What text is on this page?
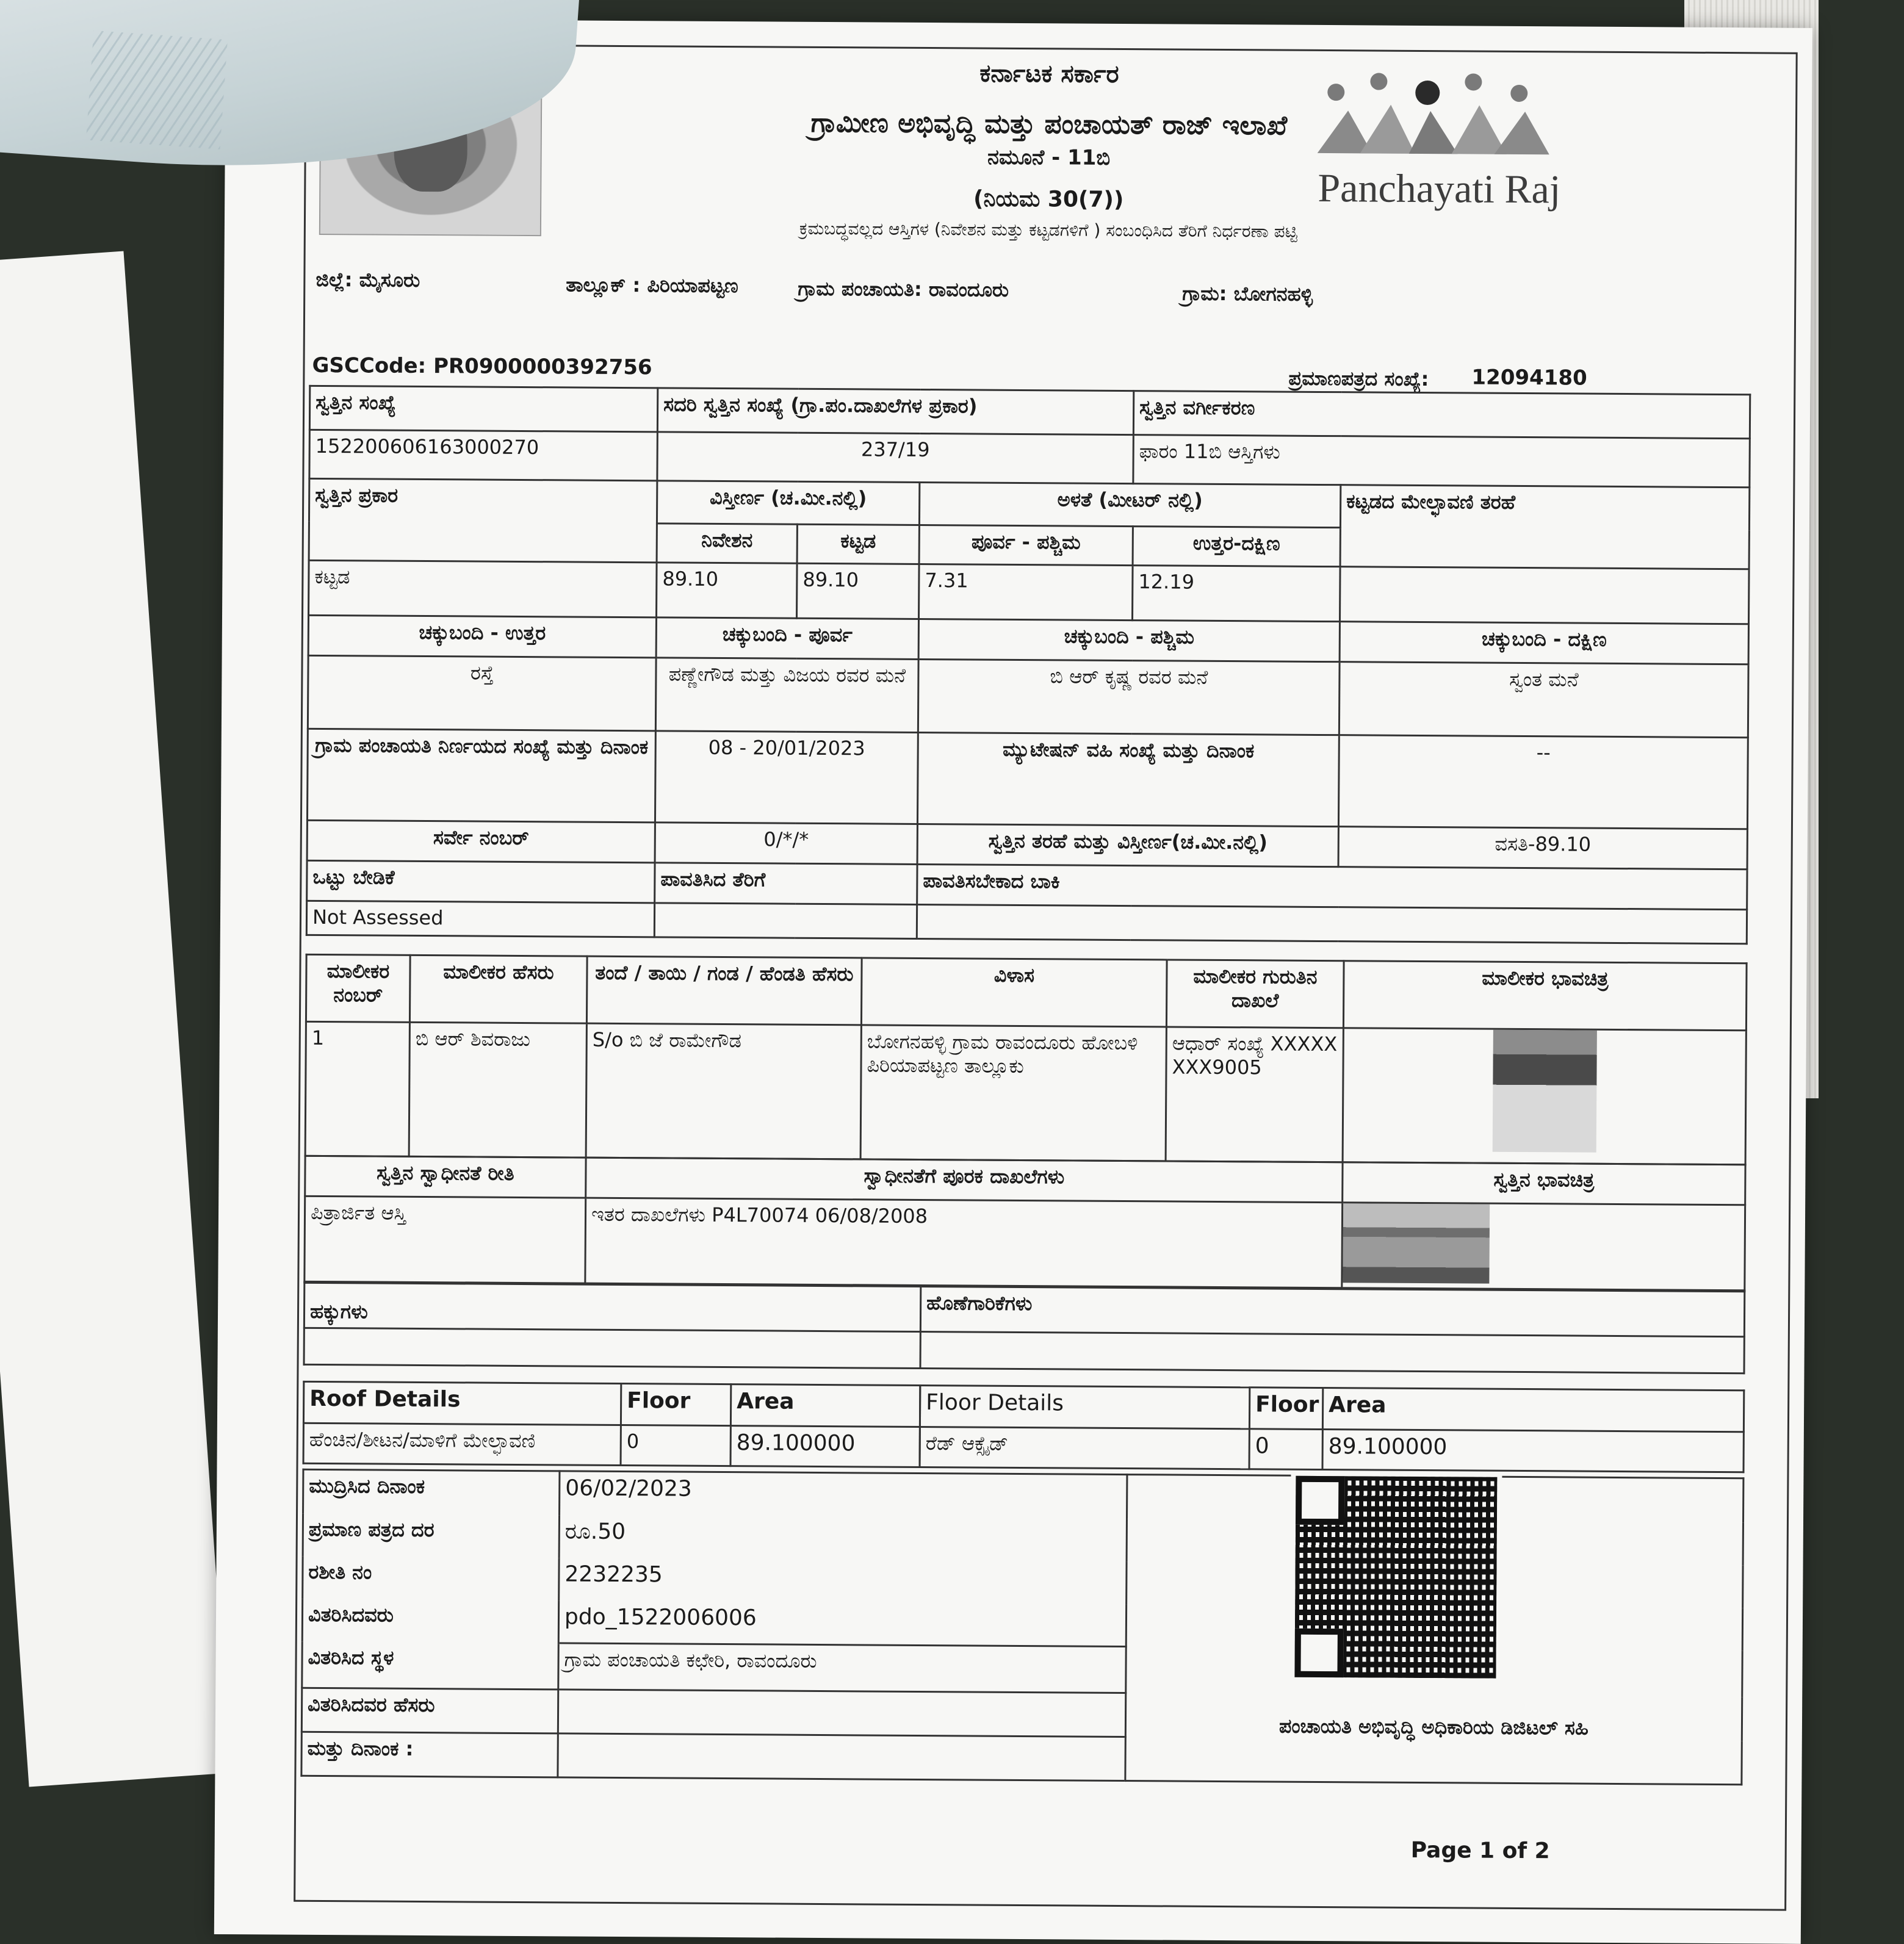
ಕರ್ನಾಟಕ ಸರ್ಕಾರ
ಗ್ರಾಮೀಣ ಅಭಿವೃದ್ಧಿ ಮತ್ತು ಪಂಚಾಯತ್ ರಾಜ್ ಇಲಾಖೆ
ನಮೂನೆ - 11ಬಿ
(ನಿಯಮ 30(7))
ಕ್ರಮಬದ್ಧವಲ್ಲದ ಆಸ್ತಿಗಳ (ನಿವೇಶನ ಮತ್ತು ಕಟ್ಟಡಗಳಿಗೆ ) ಸಂಬಂಧಿಸಿದ ತೆರಿಗೆ ನಿರ್ಧರಣಾ ಪಟ್ಟಿ
Panchayati Raj
ಜಿಲ್ಲೆ: ಮೈಸೂರು	ತಾಲ್ಲೂಕ್ : ಪಿರಿಯಾಪಟ್ಟಣ	ಗ್ರಾಮ ಪಂಚಾಯತಿ: ರಾವಂದೂರು	ಗ್ರಾಮ: ಬೋಗನಹಳ್ಳಿ
GSCCode: PR0900000392756	ಪ್ರಮಾಣಪತ್ರದ ಸಂಖ್ಯೆ: 12094180
ಸ್ವತ್ತಿನ ಸಂಖ್ಯೆ	ಸದರಿ ಸ್ವತ್ತಿನ ಸಂಖ್ಯೆ (ಗ್ರಾ.ಪಂ.ದಾಖಲೆಗಳ ಪ್ರಕಾರ)			ಸ್ವತ್ತಿನ ವರ್ಗೀಕರಣ	
152200606163000270	237/19			ಫಾರಂ 11ಬಿ ಆಸ್ತಿಗಳು	
ಸ್ವತ್ತಿನ ಪ್ರಕಾರ	ವಿಸ್ತೀರ್ಣ (ಚ.ಮೀ.ನಲ್ಲಿ)		ಅಳತೆ (ಮೀಟರ್ ನಲ್ಲಿ)		ಕಟ್ಟಡದ ಮೇಲ್ಛಾವಣಿ ತರಹೆ
	ನಿವೇಶನ	ಕಟ್ಟಡ	ಪೂರ್ವ - ಪಶ್ಚಿಮ	ಉತ್ತರ-ದಕ್ಷಿಣ	
ಕಟ್ಟಡ	89.10	89.10	7.31	12.19	
ಚಕ್ಕುಬಂದಿ - ಉತ್ತರ	ಚಕ್ಕುಬಂದಿ - ಪೂರ್ವ		ಚಕ್ಕುಬಂದಿ - ಪಶ್ಚಿಮ		ಚಕ್ಕುಬಂದಿ - ದಕ್ಷಿಣ
ರಸ್ತೆ	ಪಣ್ಣೇಗೌಡ ಮತ್ತು ವಿಜಯ ರವರ ಮನೆ		ಬಿ ಆರ್ ಕೃಷ್ಣ ರವರ ಮನೆ		ಸ್ವಂತ ಮನೆ
ಗ್ರಾಮ ಪಂಚಾಯತಿ ನಿರ್ಣಯದ ಸಂಖ್ಯೆ ಮತ್ತು ದಿನಾಂಕ	08 - 20/01/2023		ಮ್ಯುಟೇಷನ್ ವಹಿ ಸಂಖ್ಯೆ ಮತ್ತು ದಿನಾಂಕ		--
ಸರ್ವೇ ನಂಬರ್	0/*/*		ಸ್ವತ್ತಿನ ತರಹೆ ಮತ್ತು ವಿಸ್ತೀರ್ಣ(ಚ.ಮೀ.ನಲ್ಲಿ)		ವಸತಿ-89.10
ಒಟ್ಟು ಬೇಡಿಕೆ	ಪಾವತಿಸಿದ ತೆರಿಗೆ		ಪಾವತಿಸಬೇಕಾದ ಬಾಕಿ		
Not Assessed					
ಮಾಲೀಕರ ನಂಬರ್	ಮಾಲೀಕರ ಹೆಸರು	ತಂದೆ / ತಾಯಿ / ಗಂಡ / ಹೆಂಡತಿ ಹೆಸರು	ವಿಳಾಸ	ಮಾಲೀಕರ ಗುರುತಿನ ದಾಖಲೆ	ಮಾಲೀಕರ ಭಾವಚಿತ್ರ
1	ಬಿ ಆರ್ ಶಿವರಾಜು	S/o ಬಿ ಜೆ ರಾಮೇಗೌಡ	ಬೋಗನಹಳ್ಳಿ ಗ್ರಾಮ ರಾವಂದೂರು ಹೋಬಳಿ ಪಿರಿಯಾಪಟ್ಟಣ ತಾಲ್ಲೂಕು	ಆಧಾರ್ ಸಂಖ್ಯೆ XXXXXXXX9005	
ಸ್ವತ್ತಿನ ಸ್ವಾಧೀನತೆ ರೀತಿ	ಸ್ವಾಧೀನತೆಗೆ ಪೂರಕ ದಾಖಲೆಗಳು	ಸ್ವತ್ತಿನ ಭಾವಚಿತ್ರ
ಪಿತ್ರಾರ್ಜಿತ ಆಸ್ತಿ	ಇತರ ದಾಖಲೆಗಳು P4L70074 06/08/2008	
ಹಕ್ಕುಗಳು	ಹೊಣೆಗಾರಿಕೆಗಳು

Roof Details	Floor	Area
ಹೆಂಚಿನ/ಶೀಟನ/ಮಾಳಿಗೆ ಮೇಲ್ಛಾವಣಿ	0	89.100000
Floor Details	Floor	Area
ರೆಡ್ ಆಕ್ಸೈಡ್	0	89.100000
ಮುದ್ರಿಸಿದ ದಿನಾಂಕ	06/02/2023	ಪಂಚಾಯತಿ ಅಭಿವೃದ್ಧಿ ಅಧಿಕಾರಿಯ ಡಿಜಿಟಲ್ ಸಹಿ

ಪ್ರಮಾಣ ಪತ್ರದ ದರ	ರೂ.50	
ರಶೀತಿ ನಂ	2232235	
ವಿತರಿಸಿದವರು	pdo_1522006006	
ವಿತರಿಸಿದ ಸ್ಥಳ	ಗ್ರಾಮ ಪಂಚಾಯತಿ ಕಛೇರಿ, ರಾವಂದೂರು	
ವಿತರಿಸಿದವರ ಹೆಸರು		
ಮತ್ತು ದಿನಾಂಕ :		
Page 1 of 2
